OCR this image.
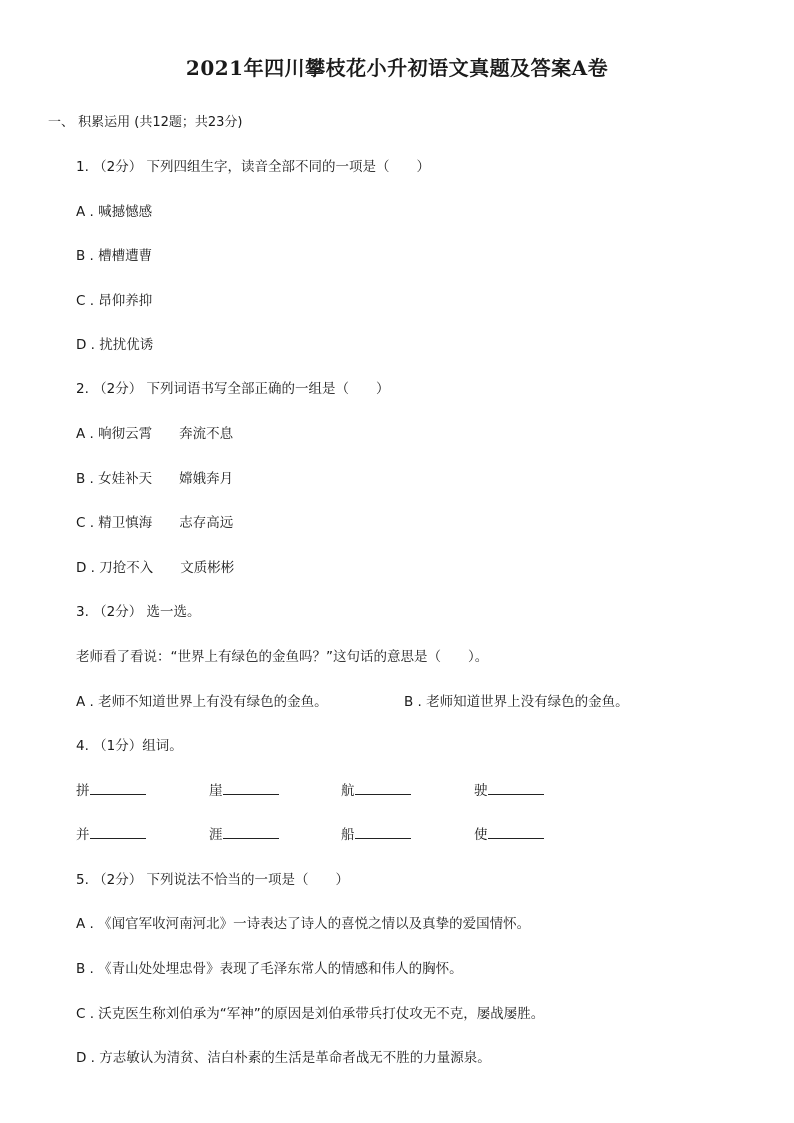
2021年四川攀枝花小升初语文真题及答案A卷
一、 积累运用 (共12题；共23分)
1. （2分） 下列四组生字，读音全部不同的一项是（　　）
A . 喊撼憾感
B . 槽槽遭曹
C . 昂仰养抑
D . 扰扰优诱
2. （2分） 下列词语书写全部正确的一组是（　　）
A . 响彻云霄　　奔流不息
B . 女娃补天　　嫦娥奔月
C . 精卫慎海　　志存高远
D . 刀抢不入　　文质彬彬
3. （2分） 选一选。
老师看了看说：“世界上有绿色的金鱼吗？”这句话的意思是（　　）。
A . 老师不知道世界上有没有绿色的金鱼。	B . 老师知道世界上没有绿色的金鱼。
4. （1分）组词。
拼	崖	航	驶
并	涯	船	使
5. （2分） 下列说法不恰当的一项是（　　）
A . 《闻官军收河南河北》一诗表达了诗人的喜悦之情以及真挚的爱国情怀。
B . 《青山处处埋忠骨》表现了毛泽东常人的情感和伟人的胸怀。
C . 沃克医生称刘伯承为“军神”的原因是刘伯承带兵打仗攻无不克，屡战屡胜。
D . 方志敏认为清贫、洁白朴素的生活是革命者战无不胜的力量源泉。
